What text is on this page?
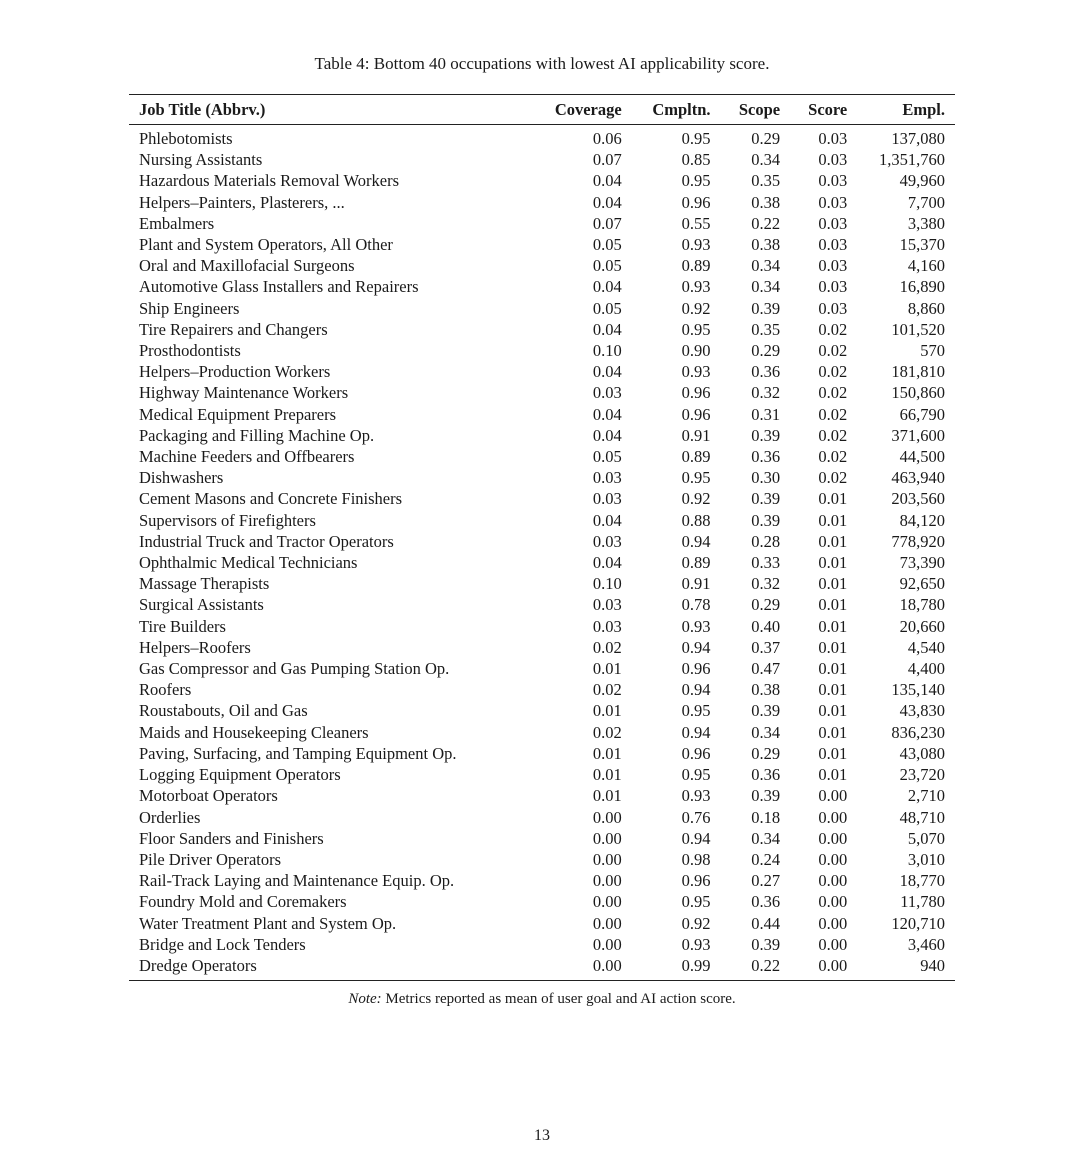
Table 4: Bottom 40 occupations with lowest AI applicability score.
Job Title (Abbrv.)	Coverage	Cmpltn.	Scope	Score	Empl.
Phlebotomists	0.06	0.95	0.29	0.03	137,080
Nursing Assistants	0.07	0.85	0.34	0.03	1,351,760
Hazardous Materials Removal Workers	0.04	0.95	0.35	0.03	49,960
Helpers–Painters, Plasterers, ...	0.04	0.96	0.38	0.03	7,700
Embalmers	0.07	0.55	0.22	0.03	3,380
Plant and System Operators, All Other	0.05	0.93	0.38	0.03	15,370
Oral and Maxillofacial Surgeons	0.05	0.89	0.34	0.03	4,160
Automotive Glass Installers and Repairers	0.04	0.93	0.34	0.03	16,890
Ship Engineers	0.05	0.92	0.39	0.03	8,860
Tire Repairers and Changers	0.04	0.95	0.35	0.02	101,520
Prosthodontists	0.10	0.90	0.29	0.02	570
Helpers–Production Workers	0.04	0.93	0.36	0.02	181,810
Highway Maintenance Workers	0.03	0.96	0.32	0.02	150,860
Medical Equipment Preparers	0.04	0.96	0.31	0.02	66,790
Packaging and Filling Machine Op.	0.04	0.91	0.39	0.02	371,600
Machine Feeders and Offbearers	0.05	0.89	0.36	0.02	44,500
Dishwashers	0.03	0.95	0.30	0.02	463,940
Cement Masons and Concrete Finishers	0.03	0.92	0.39	0.01	203,560
Supervisors of Firefighters	0.04	0.88	0.39	0.01	84,120
Industrial Truck and Tractor Operators	0.03	0.94	0.28	0.01	778,920
Ophthalmic Medical Technicians	0.04	0.89	0.33	0.01	73,390
Massage Therapists	0.10	0.91	0.32	0.01	92,650
Surgical Assistants	0.03	0.78	0.29	0.01	18,780
Tire Builders	0.03	0.93	0.40	0.01	20,660
Helpers–Roofers	0.02	0.94	0.37	0.01	4,540
Gas Compressor and Gas Pumping Station Op.	0.01	0.96	0.47	0.01	4,400
Roofers	0.02	0.94	0.38	0.01	135,140
Roustabouts, Oil and Gas	0.01	0.95	0.39	0.01	43,830
Maids and Housekeeping Cleaners	0.02	0.94	0.34	0.01	836,230
Paving, Surfacing, and Tamping Equipment Op.	0.01	0.96	0.29	0.01	43,080
Logging Equipment Operators	0.01	0.95	0.36	0.01	23,720
Motorboat Operators	0.01	0.93	0.39	0.00	2,710
Orderlies	0.00	0.76	0.18	0.00	48,710
Floor Sanders and Finishers	0.00	0.94	0.34	0.00	5,070
Pile Driver Operators	0.00	0.98	0.24	0.00	3,010
Rail-Track Laying and Maintenance Equip. Op.	0.00	0.96	0.27	0.00	18,770
Foundry Mold and Coremakers	0.00	0.95	0.36	0.00	11,780
Water Treatment Plant and System Op.	0.00	0.92	0.44	0.00	120,710
Bridge and Lock Tenders	0.00	0.93	0.39	0.00	3,460
Dredge Operators	0.00	0.99	0.22	0.00	940
Note: Metrics reported as mean of user goal and AI action score.
13
